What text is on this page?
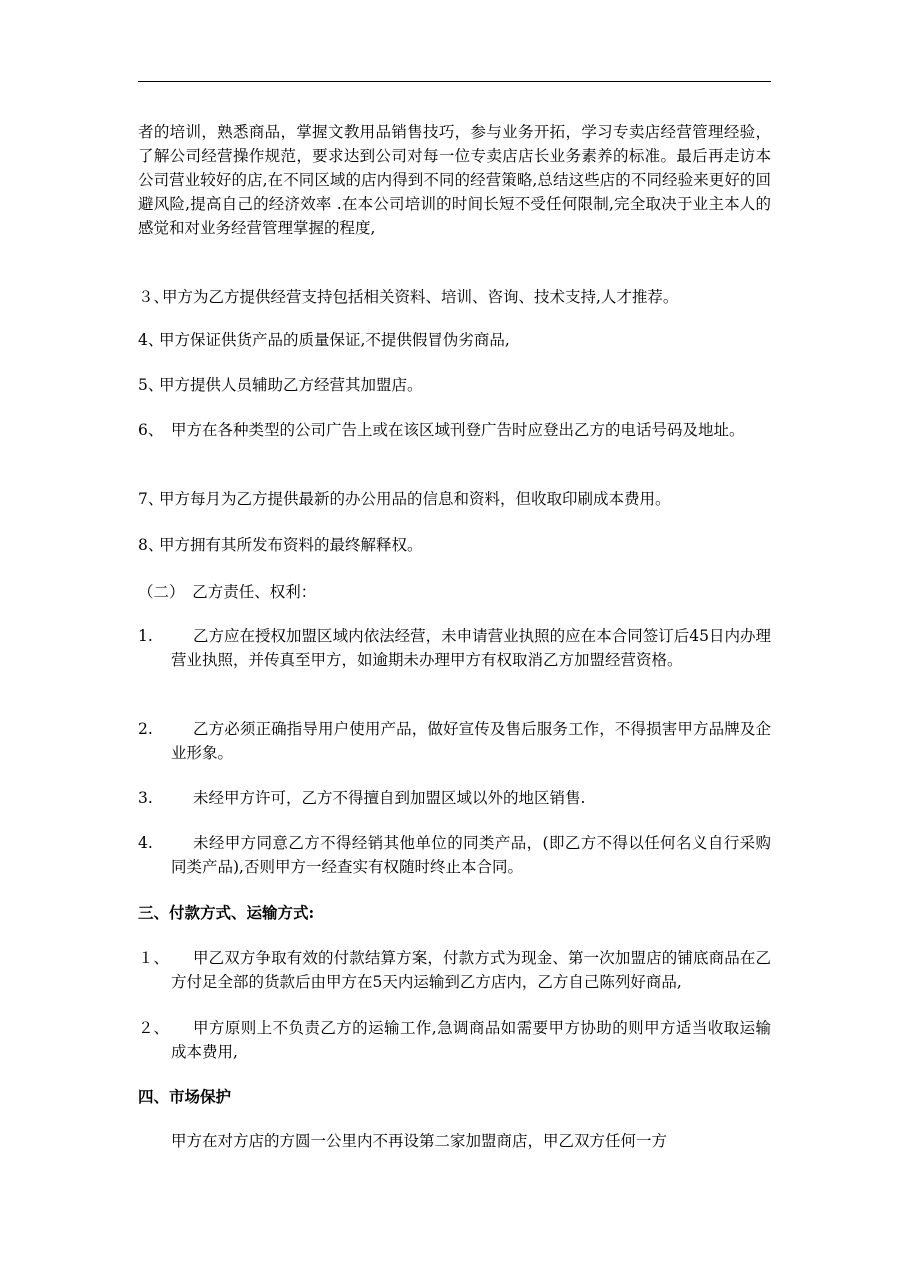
者的培训，熟悉商品，掌握文教用品销售技巧，参与业务开拓，学习专卖店经营管理经验，了解公司经营操作规范，要求达到公司对每一位专卖店店长业务素养的标准。最后再走访本公司营业较好的店,在不同区域的店内得到不同的经营策略,总结这些店的不同经验来更好的回避风险,提高自己的经济效率 .在本公司培训的时间长短不受任何限制,完全取决于业主本人的感觉和对业务经营管理掌握的程度,

３、
甲方为乙方提供经营支持包括相关资料、培训、咨询、技术支持,人才推荐。
4、
甲方保证供货产品的质量保证,不提供假冒伪劣商品,
5、
甲方提供人员辅助乙方经营其加盟店。
6、 甲方在各种类型的公司广告上或在该区域刊登广告时应登出乙方的电话号码及地址。
7、
甲方每月为乙方提供最新的办公用品的信息和资料，但收取印刷成本费用。
8、
甲方拥有其所发布资料的最终解释权。
（二）　乙方责任、权利：
1.	乙方应在授权加盟区域内依法经营，未申请营业执照的应在本合同签订后45日内办理营业执照，并传真至甲方，如逾期未办理甲方有权取消乙方加盟经营资格。
2.	乙方必须正确指导用户使用产品，做好宣传及售后服务工作，不得损害甲方品牌及企业形象。
3.	未经甲方许可，乙方不得擅自到加盟区域以外的地区销售.
4.	未经甲方同意乙方不得经销其他单位的同类产品，(即乙方不得以任何名义自行采购同类产品),否则甲方一经查实有权随时终止本合同。
三、付款方式、运输方式:
１、	甲乙双方争取有效的付款结算方案，付款方式为现金、第一次加盟店的铺底商品在乙方付足全部的货款后由甲方在5天内运输到乙方店内，乙方自己陈列好商品,
２、	甲方原则上不负责乙方的运输工作,急调商品如需要甲方协助的则甲方适当收取运输成本费用,
四、市场保护
甲方在对方店的方圆一公里内不再设第二家加盟商店，甲乙双方任何一方
